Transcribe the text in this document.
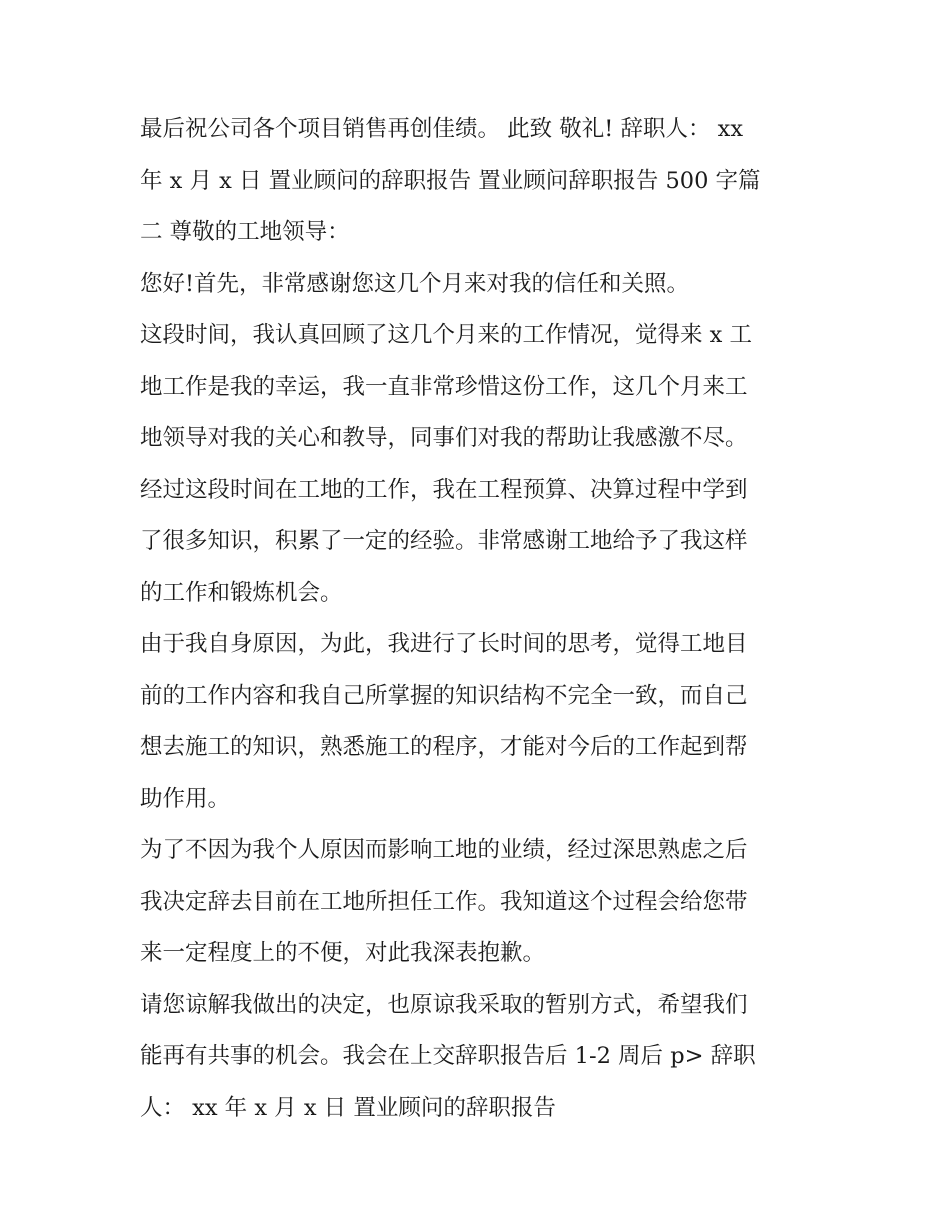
最后祝公司各个项目销售再创佳绩。 此致 敬礼! 辞职人： xx
年 x 月 x 日 置业顾问的辞职报告 置业顾问辞职报告 500 字篇
二 尊敬的工地领导：
您好!首先，非常感谢您这几个月来对我的信任和关照。
这段时间，我认真回顾了这几个月来的工作情况，觉得来 x 工
地工作是我的幸运，我一直非常珍惜这份工作，这几个月来工
地领导对我的关心和教导，同事们对我的帮助让我感激不尽。
经过这段时间在工地的工作，我在工程预算、决算过程中学到
了很多知识，积累了一定的经验。非常感谢工地给予了我这样
的工作和锻炼机会。
由于我自身原因，为此，我进行了长时间的思考，觉得工地目
前的工作内容和我自己所掌握的知识结构不完全一致，而自己
想去施工的知识，熟悉施工的程序，才能对今后的工作起到帮
助作用。
为了不因为我个人原因而影响工地的业绩，经过深思熟虑之后
我决定辞去目前在工地所担任工作。我知道这个过程会给您带
来一定程度上的不便，对此我深表抱歉。
请您谅解我做出的决定，也原谅我采取的暂别方式，希望我们
能再有共事的机会。我会在上交辞职报告后 1-2 周后 p> 辞职
人： xx 年 x 月 x 日 置业顾问的辞职报告
